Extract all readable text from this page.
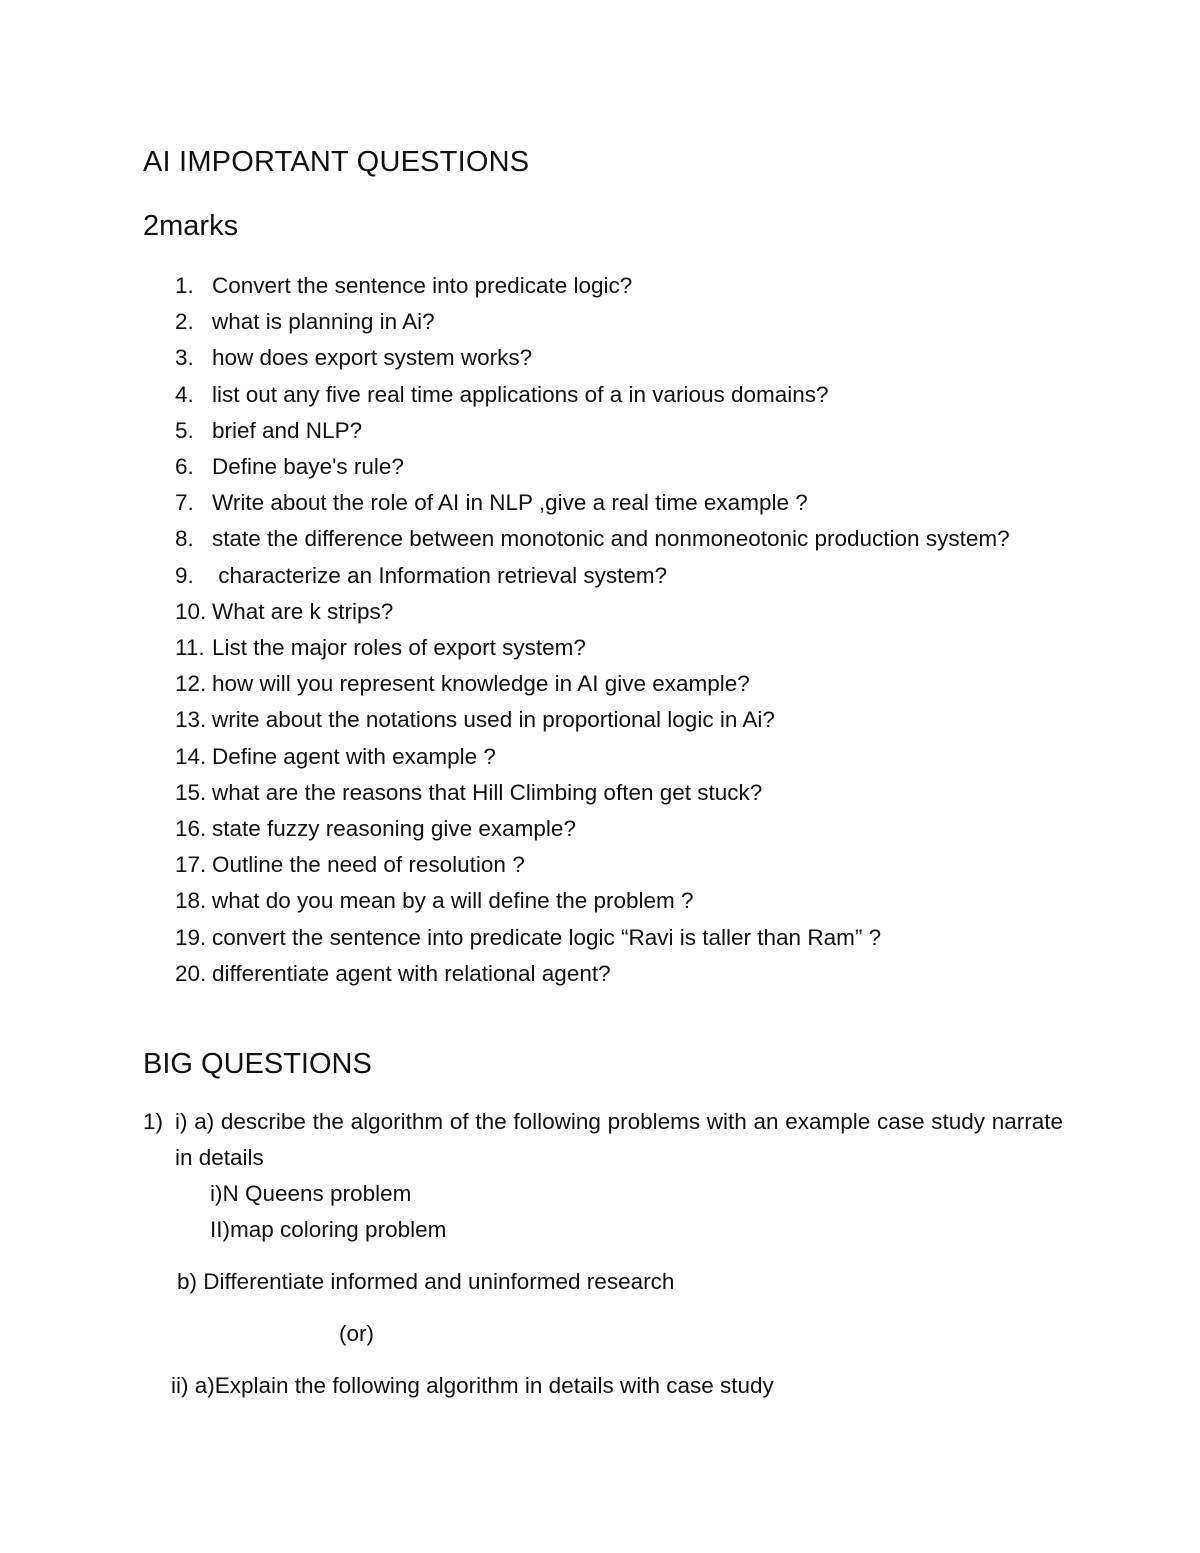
AI IMPORTANT QUESTIONS
2marks
1. Convert the sentence into predicate logic?
2. what is planning in Ai?
3. how does export system works?
4. list out any five real time applications of a in various domains?
5. brief and NLP?
6. Define baye's rule?
7. Write about the role of AI in NLP ,give a real time example ?
8. state the difference between monotonic and nonmoneotonic production system?
9. characterize an Information retrieval system?
10. What are k strips?
11. List the major roles of export system?
12. how will you represent knowledge in AI give example?
13. write about the notations used in proportional logic in Ai?
14. Define agent with example ?
15. what are the reasons that Hill Climbing often get stuck?
16. state fuzzy reasoning give example?
17. Outline the need of resolution ?
18. what do you mean by a will define the problem ?
19. convert the sentence into predicate logic “Ravi is taller than Ram” ?
20. differentiate agent with relational agent?
BIG QUESTIONS
1) i) a) describe the algorithm of the following problems with an example case study narrate in details
i)N Queens problem
II)map coloring problem
b) Differentiate informed and uninformed research
(or)
ii) a)Explain the following algorithm in details with case study
